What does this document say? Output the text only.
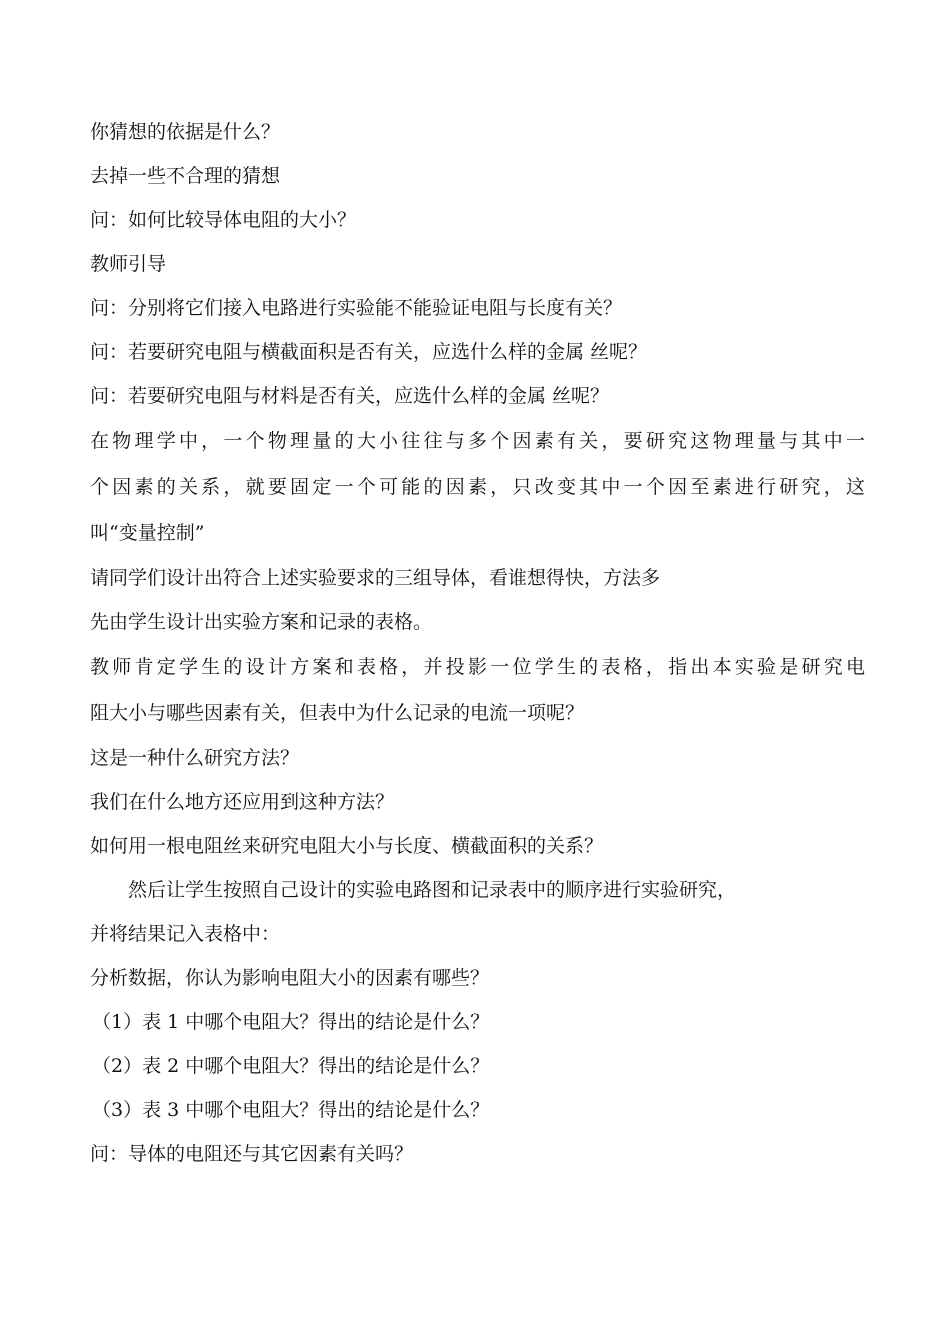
你猜想的依据是什么？
去掉一些不合理的猜想
问：如何比较导体电阻的大小？
教师引导
问：分别将它们接入电路进行实验能不能验证电阻与长度有关？
问：若要研究电阻与横截面积是否有关，应选什么样的金属 丝呢？
问：若要研究电阻与材料是否有关，应选什么样的金属 丝呢？
在物理学中，一个物理量的大小往往与多个因素有关，要研究这物理量与其中一
个因素的关系，就要固定一个可能的因素，只改变其中一个因至素进行研究，这
叫“变量控制”
请同学们设计出符合上述实验要求的三组导体，看谁想得快，方法多
先由学生设计出实验方案和记录的表格。
教师肯定学生的设计方案和表格，并投影一位学生的表格，指出本实验是研究电
阻大小与哪些因素有关，但表中为什么记录的电流一项呢？
这是一种什么研究方法？
我们在什么地方还应用到这种方法？
如何用一根电阻丝来研究电阻大小与长度、横截面积的关系？
然后让学生按照自己设计的实验电路图和记录表中的顺序进行实验研究，
并将结果记入表格中：
分析数据，你认为影响电阻大小的因素有哪些？
（1）表 1 中哪个电阻大？得出的结论是什么？
（2）表 2 中哪个电阻大？得出的结论是什么？
（3）表 3 中哪个电阻大？得出的结论是什么？
问：导体的电阻还与其它因素有关吗？
